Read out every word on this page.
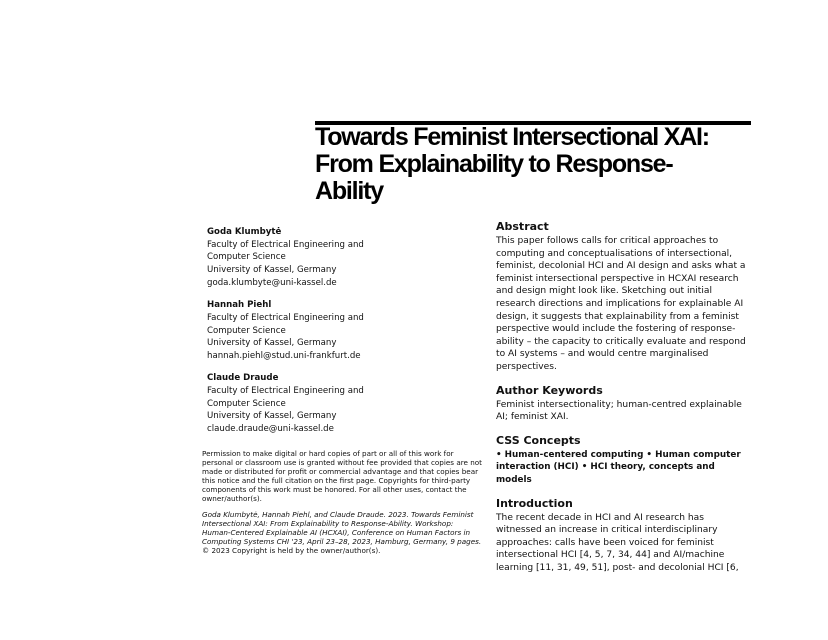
Towards Feminist Intersectional XAI:
From Explainability to Response-
Ability
Goda Klumbytė
Faculty of Electrical Engineering and
Computer Science
University of Kassel, Germany
goda.klumbyte@uni-kassel.de
Hannah Piehl
Faculty of Electrical Engineering and
Computer Science
University of Kassel, Germany
hannah.piehl@stud.uni-frankfurt.de
Claude Draude
Faculty of Electrical Engineering and
Computer Science
University of Kassel, Germany
claude.draude@uni-kassel.de

Permission to make digital or hard copies of part or all of this work for personal or classroom use is granted without fee provided that copies are not made or distributed for profit or commercial advantage and that copies bear this notice and the full citation on the first page. Copyrights for third-party components of this work must be honored. For all other uses, contact the owner/author(s).

Goda Klumbytė, Hannah Piehl, and Claude Draude. 2023. Towards Feminist Intersectional XAI: From Explainability to Response-Ability. Workshop: Human-Centered Explainable AI (HCXAI), Conference on Human Factors in Computing Systems CHI '23, April 23–28, 2023, Hamburg, Germany, 9 pages.
© 2023 Copyright is held by the owner/author(s).
Abstract

This paper follows calls for critical approaches to computing and conceptualisations of intersectional, feminist, decolonial HCI and AI design and asks what a feminist intersectional perspective in HCXAI research and design might look like. Sketching out initial research directions and implications for explainable AI design, it suggests that explainability from a feminist perspective would include the fostering of response-ability – the capacity to critically evaluate and respond to AI systems – and would centre marginalised perspectives.

Author Keywords

Feminist intersectionality; human-centred explainable AI; feminist XAI.

CSS Concepts

• Human-centered computing • Human computer interaction (HCI) • HCI theory, concepts and models

Introduction

The recent decade in HCI and AI research has witnessed an increase in critical interdisciplinary approaches: calls have been voiced for feminist intersectional HCI [4, 5, 7, 34, 44] and AI/machine learning [11, 31, 49, 51], post- and decolonial HCI [6,
